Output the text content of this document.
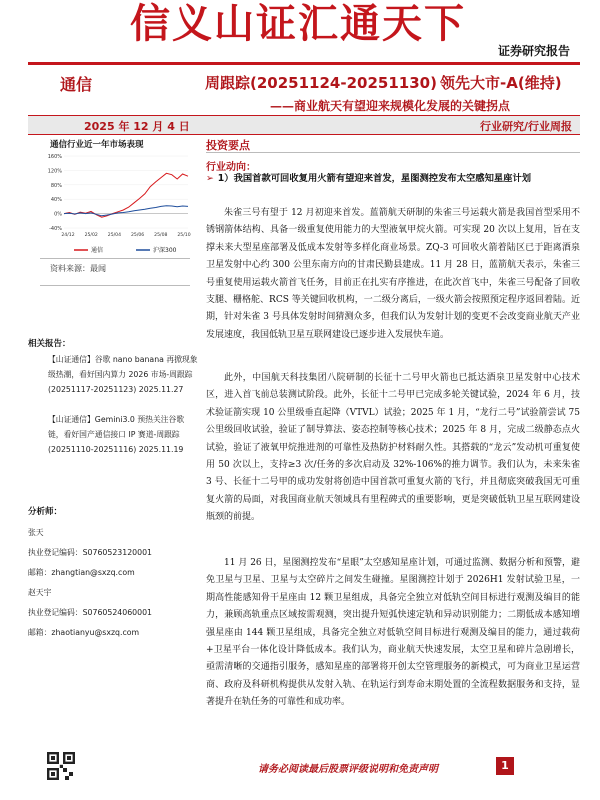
信义山证汇通天下
证券研究报告
通信	周跟踪(20251124-20251130) 领先大市-A(维持)
——商业航天有望迎来规模化发展的关键拐点
2025 年 12 月 4 日	行业研究/行业周报
通信行业近一年市场表现
160%
120%
80%
40%
0%
-40%
24/12 25/02 25/04 25/06 25/08 25/10
通信	沪深300
资料来源：最闻
相关报告：
【山证通信】谷歌 nano banana 再掀现象级热潮，看好国内算力 2026 市场-周跟踪(20251117-20251123) 2025.11.27
【山证通信】Gemini3.0 预热关注谷歌链，看好国产通信接口 IP 赛道-周跟踪(20251110-20251116) 2025.11.19
分析师：
张天
执业登记编码：S0760523120001
邮箱：zhangtian@sxzq.com
赵天宇
执业登记编码：S0760524060001
邮箱：zhaotianyu@sxzq.com
投资要点
行业动向：
➢ 1）我国首款可回收复用火箭有望迎来首发，星图测控发布太空感知星座计划

朱雀三号有望于 12 月初迎来首发。蓝箭航天研制的朱雀三号运载火箭是我国首型采用不锈钢箭体结构、具备一级重复使用能力的大型液氧甲烷火箭。可实现 20 次以上复用，旨在支撑未来大型星座部署及低成本发射等多样化商业场景。ZQ-3 可回收火箭着陆区已于距离酒泉卫星发射中心约 300 公里东南方向的甘肃民勤县建成。11 月 28 日，蓝箭航天表示，朱雀三号重复使用运载火箭首飞任务，目前正在扎实有序推进，在此次首飞中，朱雀三号配备了回收支腿、栅格舵、RCS 等关键回收机构，一二级分离后，一级火箭会按照预定程序返回着陆。近期，针对朱雀 3 号具体发射时间猜测众多，但我们认为发射计划的变更不会改变商业航天产业发展速度，我国低轨卫星互联网建设已逐步进入发展快车道。

此外，中国航天科技集团八院研制的长征十二号甲火箭也已抵达酒泉卫星发射中心技术区，进入首飞前总装测试阶段。此外，长征十二号甲已完成多轮关键试验，2024 年 6 月，技术验证箭实现 10 公里级垂直起降（VTVL）试验；2025 年 1 月，“龙行二号”试验箭尝试 75 公里级回收试验，验证了制导算法、姿态控制等核心技术；2025 年 8 月，完成二级静态点火试验，验证了液氧甲烷推进剂的可靠性及热防护材料耐久性。其搭载的“龙云”发动机可重复使用 50 次以上，支持≥3 次/任务的多次启动及 32%-106%的推力调节。我们认为，未来朱雀 3 号、长征十二号甲的成功发射将创造中国首款可重复火箭的飞行，并且彻底突破我国无可重复火箭的局面，对我国商业航天领域具有里程碑式的重要影响，更是突破低轨卫星互联网建设瓶颈的前提。

11 月 26 日，星图测控发布“星眼”太空感知星座计划，可通过监测、数据分析和预警，避免卫星与卫星、卫星与太空碎片之间发生碰撞。星图测控计划于 2026H1 发射试验卫星，一期高性能感知骨干星座由 12 颗卫星组成，具备完全独立对低轨空间目标进行观测及编目的能力，兼顾高轨重点区域按需观测，突出提升短弧快速定轨和异动识别能力；二期低成本感知增强星座由 144 颗卫星组成，具备完全独立对低轨空间目标进行观测及编目的能力，通过载荷+卫星平台一体化设计降低成本。我们认为，商业航天快速发展，太空卫星和碎片急剧增长，亟需清晰的交通指引服务，感知星座的部署将开创太空管理服务的新模式，可为商业卫星运营商、政府及科研机构提供从发射入轨、在轨运行到寿命末期处置的全流程数据服务和支持，显著提升在轨任务的可靠性和成功率。

请务必阅读最后股票评级说明和免责声明	1
